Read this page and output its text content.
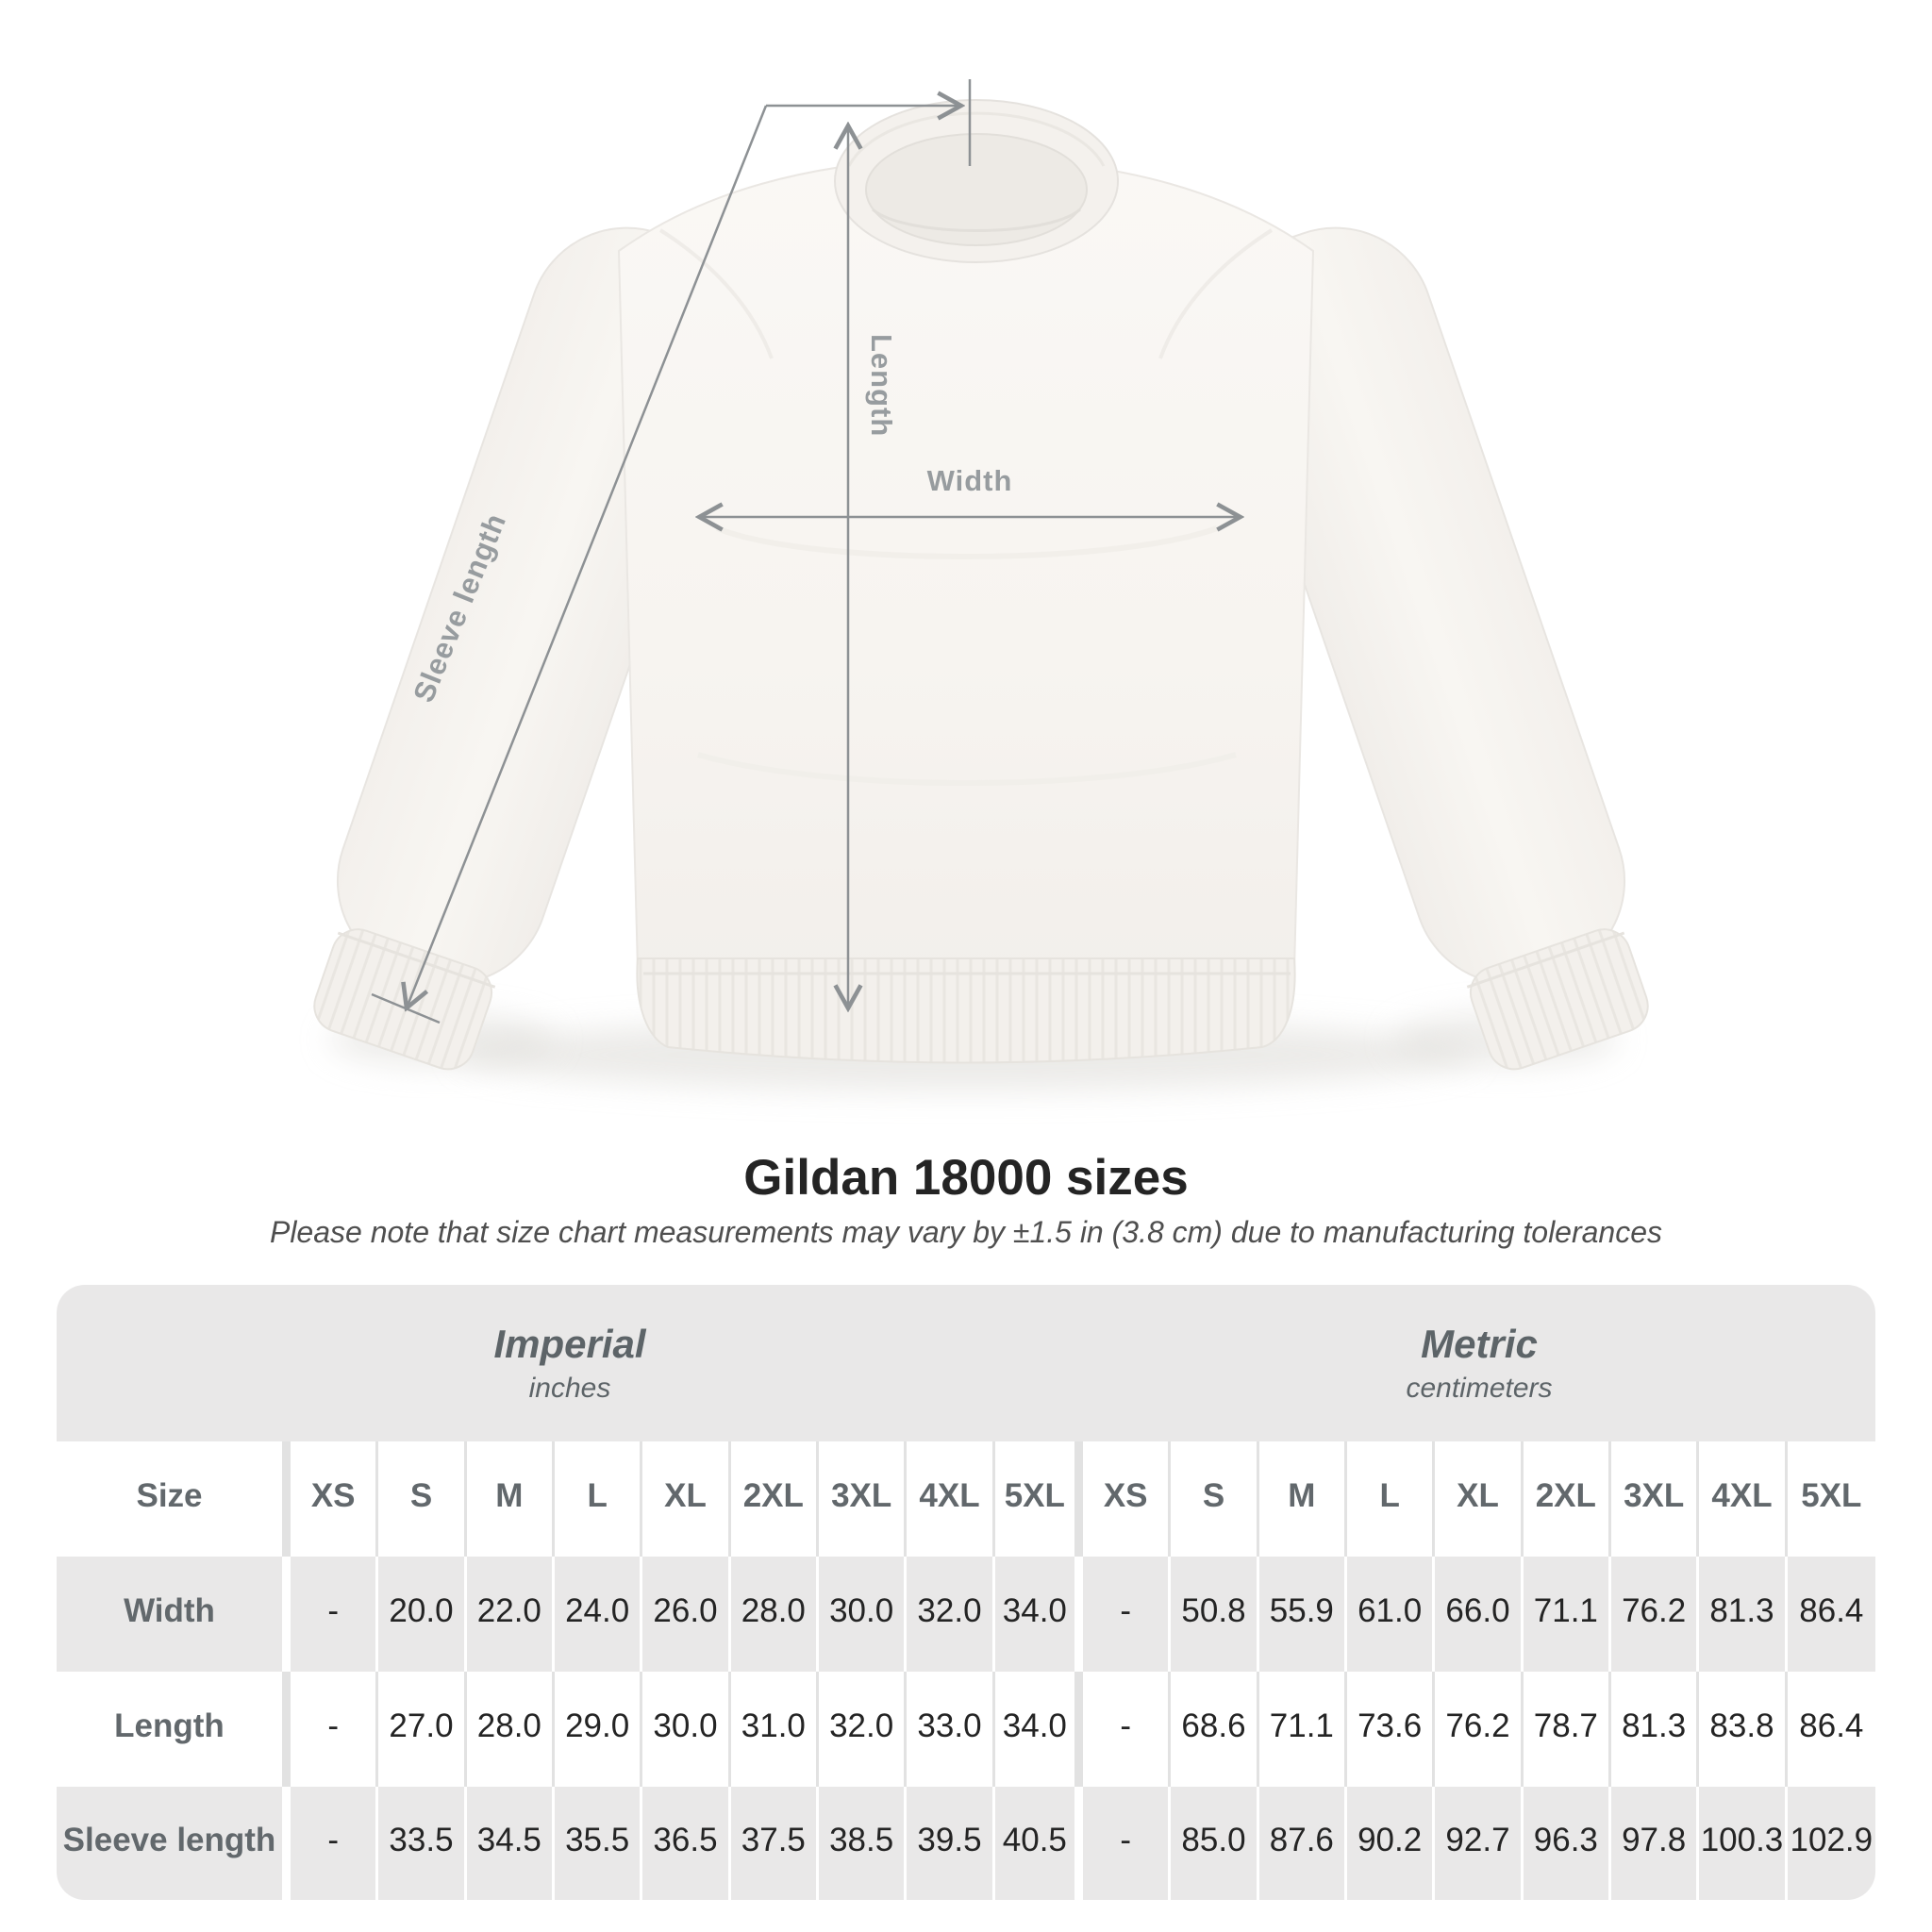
Length
Width
Sleeve length
Gildan 18000 sizes

Please note that size chart measurements may vary by ±1.5 in (3.8 cm) due to manufacturing tolerances

Imperial
inches
Metric
centimeters
Size	XS	S	M	L	XL	2XL 3XL 4XL 5XL	XS	S	M	L	XL	2XL 3XL 4XL 5XL
Width	-	20.0 22.0 24.0 26.0 28.0 30.0 32.0 34.0	-	50.8 55.9 61.0 66.0 71.1 76.2 81.3 86.4
Length	-	27.0 28.0 29.0 30.0 31.0 32.0 33.0 34.0	-	68.6 71.1 73.6 76.2 78.7 81.3 83.8 86.4
Sleeve length	-	33.5 34.5 35.5 36.5 37.5 38.5 39.5 40.5	-	85.0 87.6 90.2 92.7 96.3 97.8 100.3 102.9
